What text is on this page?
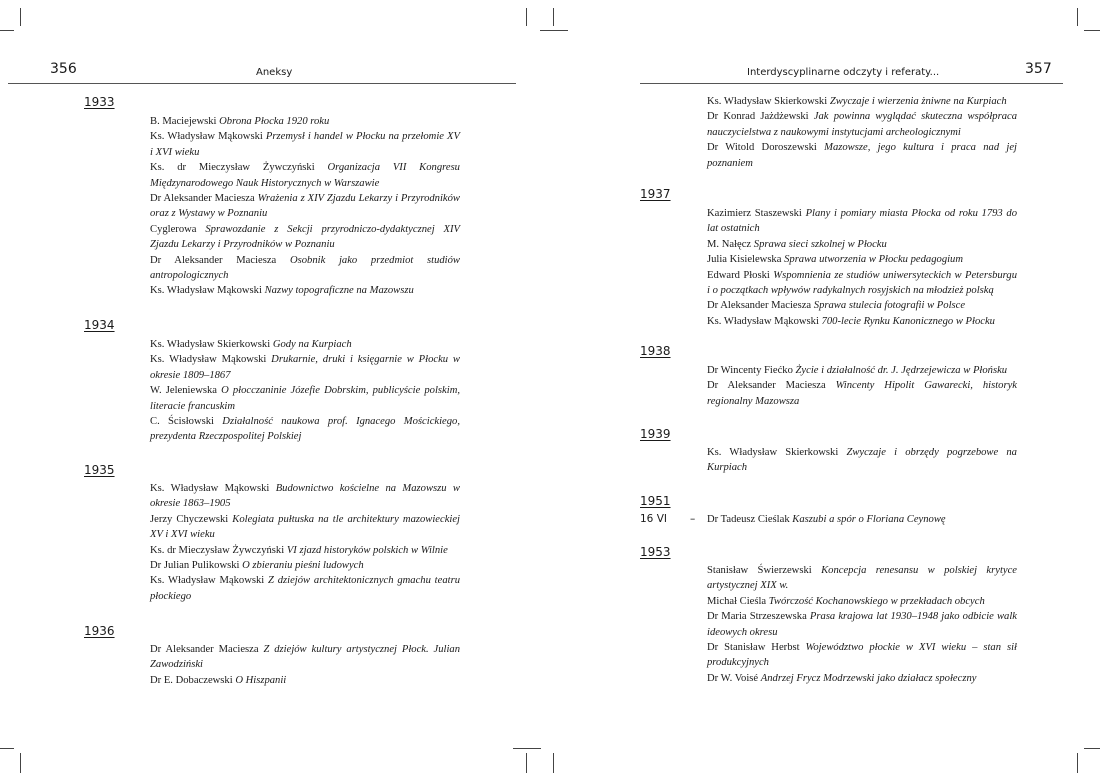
356	Aneksy
1933

B. Maciejewski Obrona Płocka 1920 roku

Ks. Władysław Mąkowski Przemysł i handel w Płocku na przełomie XV i XVI wieku

Ks. dr Mieczysław Żywczyński Organizacja VII Kongresu Międzynarodowego Nauk Historycznych w Warszawie

Dr Aleksander Maciesza Wrażenia z XIV Zjazdu Lekarzy i Przyrodników oraz z Wystawy w Poznaniu

Cyglerowa Sprawozdanie z Sekcji przyrodniczo-dydaktycznej XIV Zjazdu Lekarzy i Przyrodników w Poznaniu

Dr Aleksander Maciesza Osobnik jako przedmiot studiów antropologicznych

Ks. Władysław Mąkowski Nazwy topograficzne na Mazowszu

1934

Ks. Władysław Skierkowski Gody na Kurpiach

Ks. Władysław Mąkowski Drukarnie, druki i księgarnie w Płocku w okresie 1809–1867

W. Jeleniewska O płocczaninie Józefie Dobrskim, publicyście polskim, literacie francuskim

C. Ścisłowski Działalność naukowa prof. Ignacego Mościckiego, prezydenta Rzeczpospolitej Polskiej

1935

Ks. Władysław Mąkowski Budownictwo kościelne na Mazowszu w okresie 1863–1905

Jerzy Chyczewski Kolegiata pułtuska na tle architektury mazowieckiej XV i XVI wieku

Ks. dr Mieczysław Żywczyński VI zjazd historyków polskich w Wilnie

Dr Julian Pulikowski O zbieraniu pieśni ludowych

Ks. Władysław Mąkowski Z dziejów architektonicznych gmachu teatru płockiego

1936

Dr Aleksander Maciesza Z dziejów kultury artystycznej Płock. Julian Zawodziński

Dr E. Dobaczewski O Hiszpanii

Interdyscyplinarne odczyty i referaty...	357

Ks. Władysław Skierkowski Zwyczaje i wierzenia żniwne na Kurpiach

Dr Konrad Jażdżewski Jak powinna wyglądać skuteczna współpraca nauczycielstwa z naukowymi instytucjami archeologicznymi

Dr Witold Doroszewski Mazowsze, jego kultura i praca nad jej poznaniem

1937

Kazimierz Staszewski Plany i pomiary miasta Płocka od roku 1793 do lat ostatnich

M. Nałęcz Sprawa sieci szkolnej w Płocku

Julia Kisielewska Sprawa utworzenia w Płocku pedagogium

Edward Płoski Wspomnienia ze studiów uniwersyteckich w Petersburgu i o początkach wpływów radykalnych rosyjskich na młodzież polską

Dr Aleksander Maciesza Sprawa stulecia fotografii w Polsce

Ks. Władysław Mąkowski 700-lecie Rynku Kanonicznego w Płocku

1938

Dr Wincenty Fiećko Życie i działalność dr. J. Jędrzejewicza w Płońsku

Dr Aleksander Maciesza Wincenty Hipolit Gawarecki, historyk regionalny Mazowsza

1939

Ks. Władysław Skierkowski Zwyczaje i obrzędy pogrzebowe na Kurpiach

1951

Dr Tadeusz Cieślak Kaszubi a spór o Floriana Ceynowę

16 VI –
1953

Stanisław Świerzewski Koncepcja renesansu w polskiej krytyce artystycznej XIX w.

Michał Cieśla Twórczość Kochanowskiego w przekładach obcych

Dr Maria Strzeszewska Prasa krajowa lat 1930–1948 jako odbicie walk ideowych okresu

Dr Stanisław Herbst Województwo płockie w XVI wieku – stan sił produkcyjnych

Dr W. Voisé Andrzej Frycz Modrzewski jako działacz społeczny
